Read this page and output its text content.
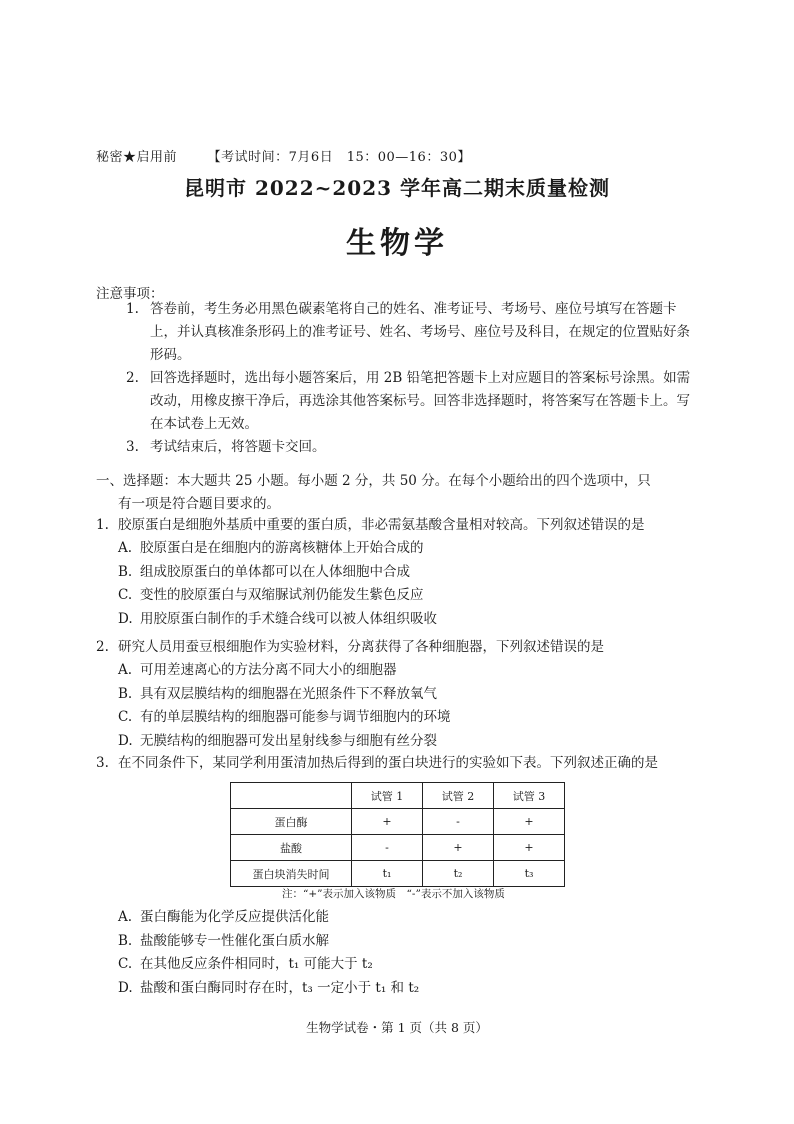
秘密★启用前 【考试时间：7月6日　15：00—16：30】
昆明市 2022~2023 学年高二期末质量检测
生物学
注意事项：
1. 答卷前，考生务必用黑色碳素笔将自己的姓名、准考证号、考场号、座位号填写在答题卡上，并认真核准条形码上的准考证号、姓名、考场号、座位号及科目，在规定的位置贴好条形码。
2. 回答选择题时，选出每小题答案后，用 2B 铅笔把答题卡上对应题目的答案标号涂黑。如需改动，用橡皮擦干净后，再选涂其他答案标号。回答非选择题时，将答案写在答题卡上。写在本试卷上无效。
3. 考试结束后，将答题卡交回。
一、选择题：本大题共 25 小题。每小题 2 分，共 50 分。在每个小题给出的四个选项中，只
有一项是符合题目要求的。
1. 胶原蛋白是细胞外基质中重要的蛋白质，非必需氨基酸含量相对较高。下列叙述错误的是
A. 胶原蛋白是在细胞内的游离核糖体上开始合成的
B. 组成胶原蛋白的单体都可以在人体细胞中合成
C. 变性的胶原蛋白与双缩脲试剂仍能发生紫色反应
D. 用胶原蛋白制作的手术缝合线可以被人体组织吸收
2. 研究人员用蚕豆根细胞作为实验材料，分离获得了各种细胞器，下列叙述错误的是
A. 可用差速离心的方法分离不同大小的细胞器
B. 具有双层膜结构的细胞器在光照条件下不释放氧气
C. 有的单层膜结构的细胞器可能参与调节细胞内的环境
D. 无膜结构的细胞器可发出星射线参与细胞有丝分裂
3. 在不同条件下，某同学利用蛋清加热后得到的蛋白块进行的实验如下表。下列叙述正确的是
	试管 1	试管 2	试管 3
蛋白酶	+	-	+
盐酸	-	+	+
蛋白块消失时间	t₁	t₂	t₃
注：“+”表示加入该物质　“-”表示不加入该物质
A. 蛋白酶能为化学反应提供活化能
B. 盐酸能够专一性催化蛋白质水解
C. 在其他反应条件相同时，t₁ 可能大于 t₂
D. 盐酸和蛋白酶同时存在时，t₃ 一定小于 t₁ 和 t₂
生物学试卷・第 1 页（共 8 页）
